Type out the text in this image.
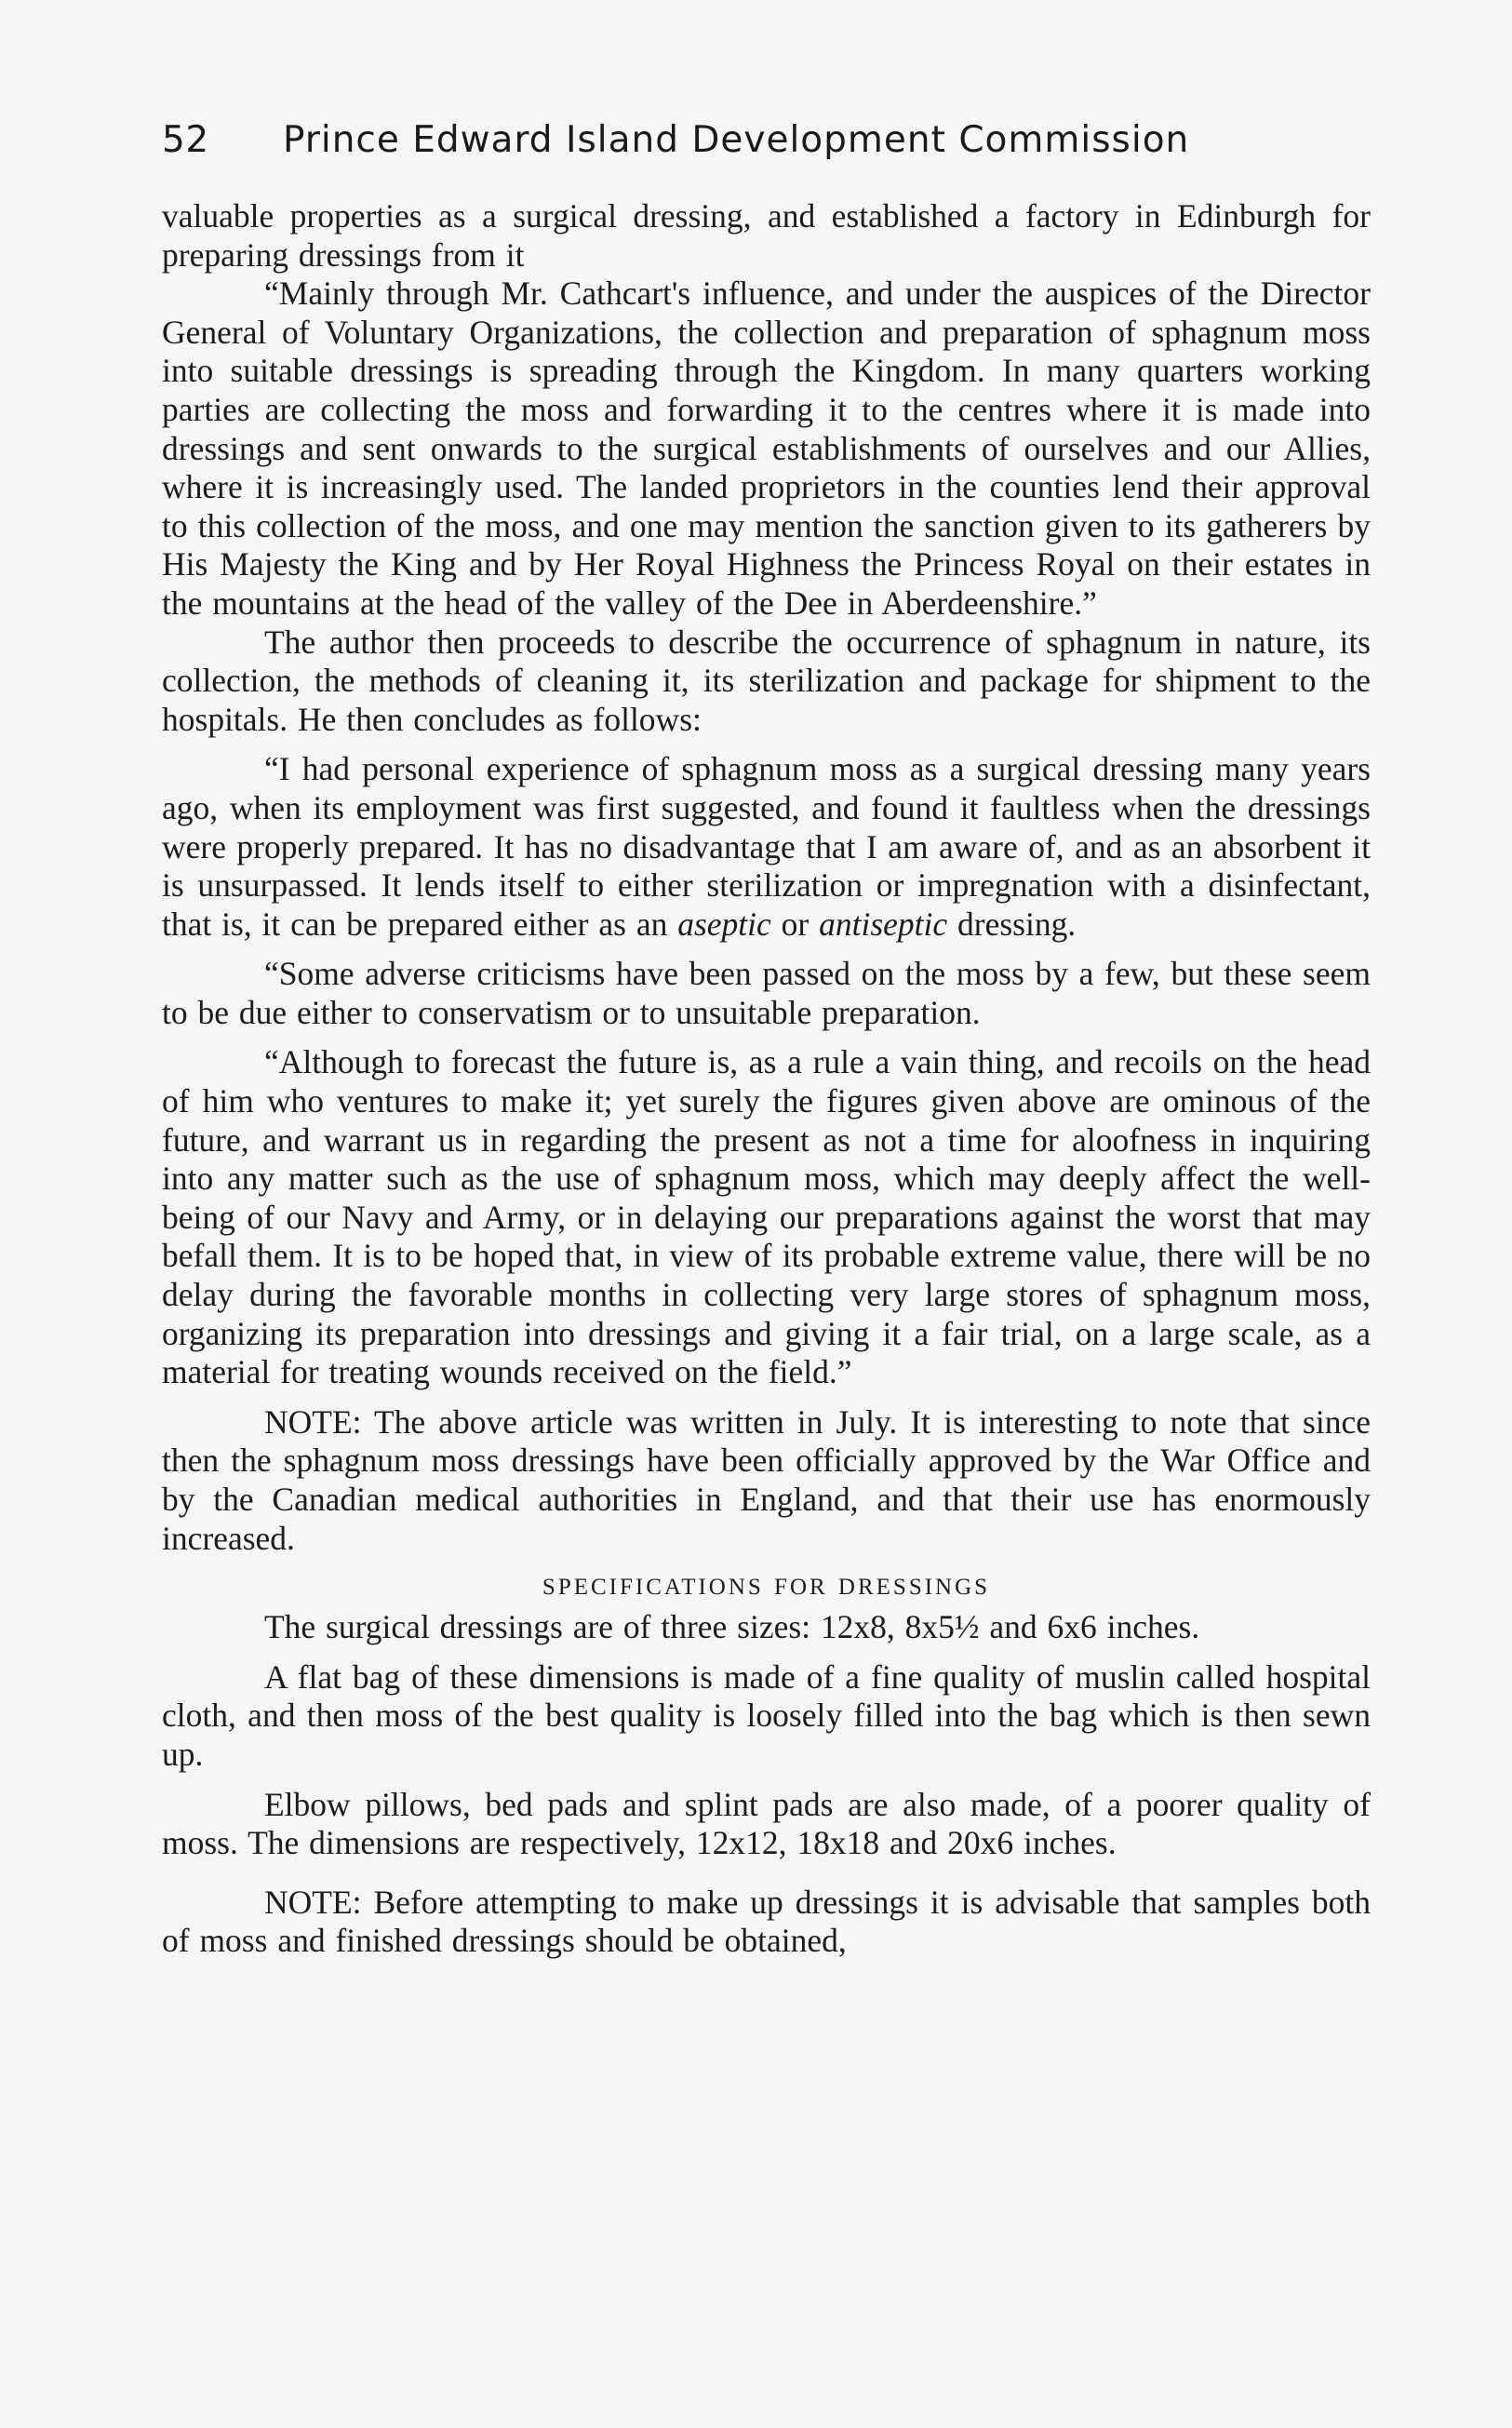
52	Prince Edward Island Development Commission

valuable properties as a surgical dressing, and established a factory in Edinburgh for preparing dressings from it

“Mainly through Mr. Cathcart's influence, and under the auspices of the Director General of Voluntary Organizations, the collection and preparation of sphagnum moss into suitable dressings is spreading through the Kingdom. In many quarters working parties are collecting the moss and forwarding it to the centres where it is made into dressings and sent onwards to the surgical establishments of ourselves and our Allies, where it is increasingly used. The landed proprietors in the counties lend their approval to this collection of the moss, and one may mention the sanction given to its gatherers by His Majesty the King and by Her Royal Highness the Princess Royal on their estates in the mountains at the head of the valley of the Dee in Aberdeenshire.”

The author then proceeds to describe the occurrence of sphagnum in nature, its collection, the methods of cleaning it, its sterilization and package for shipment to the hospitals. He then concludes as follows:

“I had personal experience of sphagnum moss as a surgical dressing many years ago, when its employment was first suggested, and found it faultless when the dressings were properly prepared. It has no disadvantage that I am aware of, and as an absorbent it is unsurpassed. It lends itself to either sterilization or impregnation with a disinfectant, that is, it can be prepared either as an aseptic or antiseptic dressing.

“Some adverse criticisms have been passed on the moss by a few, but these seem to be due either to conservatism or to unsuitable preparation.

“Although to forecast the future is, as a rule a vain thing, and recoils on the head of him who ventures to make it; yet surely the figures given above are ominous of the future, and warrant us in regarding the present as not a time for aloofness in inquiring into any matter such as the use of sphagnum moss, which may deeply affect the well-being of our Navy and Army, or in delaying our preparations against the worst that may befall them. It is to be hoped that, in view of its probable extreme value, there will be no delay during the favorable months in collecting very large stores of sphagnum moss, organizing its preparation into dressings and giving it a fair trial, on a large scale, as a material for treating wounds received on the field.”

NOTE: The above article was written in July. It is interesting to note that since then the sphagnum moss dressings have been officially approved by the War Office and by the Canadian medical authorities in England, and that their use has enormously increased.

SPECIFICATIONS FOR DRESSINGS

The surgical dressings are of three sizes: 12x8, 8x5½ and 6x6 inches.

A flat bag of these dimensions is made of a fine quality of muslin called hospital cloth, and then moss of the best quality is loosely filled into the bag which is then sewn up.

Elbow pillows, bed pads and splint pads are also made, of a poorer quality of moss. The dimensions are respectively, 12x12, 18x18 and 20x6 inches.

NOTE: Before attempting to make up dressings it is advisable that samples both of moss and finished dressings should be obtained,
